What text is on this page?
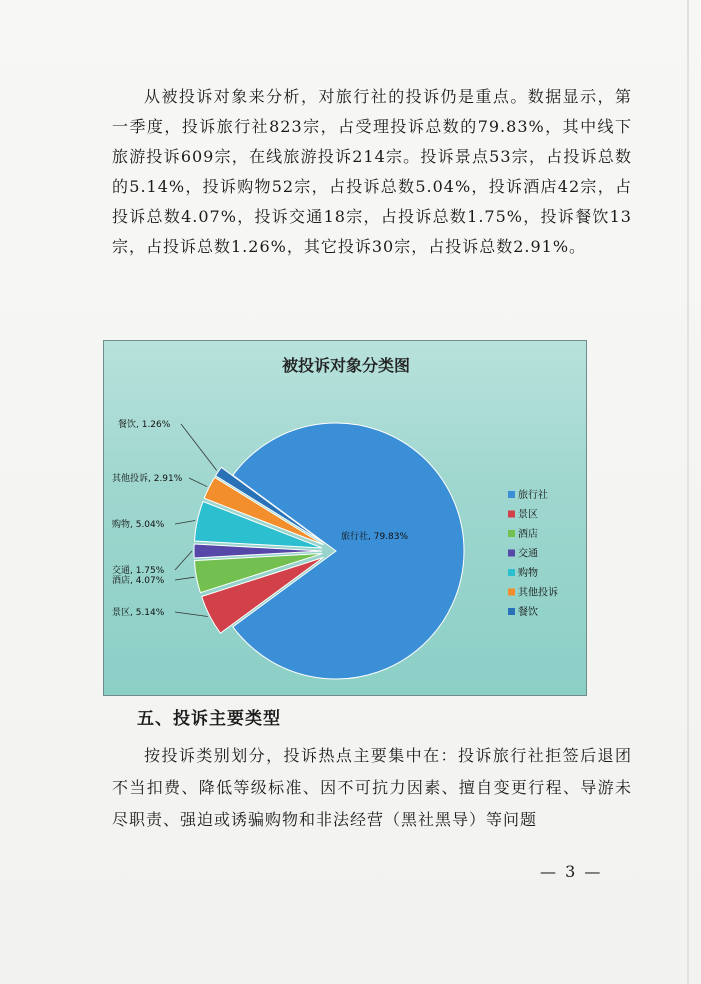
从被投诉对象来分析，对旅行社的投诉仍是重点。数据显示，第一季度，投诉旅行社823宗，占受理投诉总数的79.83%，其中线下旅游投诉609宗，在线旅游投诉214宗。投诉景点53宗，占投诉总数的5.14%，投诉购物52宗，占投诉总数5.04%，投诉酒店42宗，占投诉总数4.07%，投诉交通18宗，占投诉总数1.75%，投诉餐饮13宗，占投诉总数1.26%，其它投诉30宗，占投诉总数2.91%。

被投诉对象分类图
旅行社, 79.83%
景区, 5.14%
酒店, 4.07%
交通, 1.75%
购物, 5.04%
其他投诉, 2.91%
餐饮, 1.26%
旅行社
景区
酒店
交通
购物
其他投诉
餐饮
五、投诉主要类型

按投诉类别划分，投诉热点主要集中在：投诉旅行社拒签后退团不当扣费、降低等级标准、因不可抗力因素、擅自变更行程、导游未尽职责、强迫或诱骗购物和非法经营（黑社黑导）等问题

— 3 —
